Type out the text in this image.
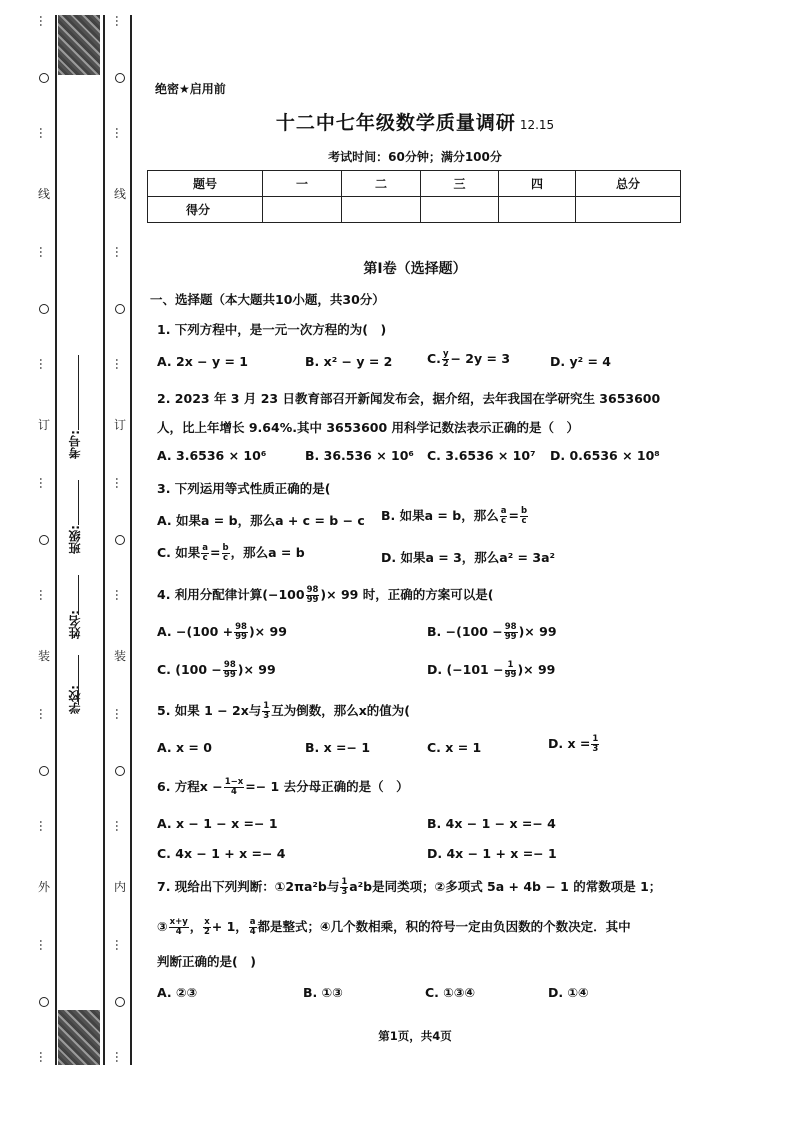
…
…
线
…
…
订
…
…
装
…
…
外
…
…
…
…
线
…
…
订
…
…
装
…
…
内
…
…
学校:
姓名:
班级:
考号:
绝密★启用前
十二中七年级数学质量调研 12.15
考试时间：60分钟；满分100分
题号	一	二	三	四	总分
得分					
第Ⅰ卷（选择题）
一、选择题（本大题共10小题，共30分）
1. 下列方程中，是一元一次方程的为(　)
A. 2x − y = 1	B. x² − y = 2	C. $\frac{y}{2} - 2y = 3$	D. y² = 4
2. 2023 年 3 月 23 日教育部召开新闻发布会，据介绍，去年我国在学研究生 3653600
人，比上年增长 9.64%.其中 3653600 用科学记数法表示正确的是（　）
A. 3.6536 × 10⁶	B. 36.536 × 10⁶ C. 3.6536 × 10⁷ D. 0.6536 × 10⁸
3. 下列运用等式性质正确的是(
A. 如果a = b，那么a + c = b − c B. 如果a = b，那么 $\frac{a}{c} = \frac{b}{c}$
C. 如果 $\frac{a}{c} = \frac{b}{c}$ ，那么a = b	D. 如果a = 3，那么a² = 3a²
4. 利用分配律计算($-100 \frac{98}{99}$ )× 99 时，正确的方案可以是(
A. $-(100 + \frac{98}{99}$ )× 99	B. $-(100 - \frac{98}{99}$ )× 99
C. ($100 - \frac{98}{99}$ )× 99	D. ($-101 - \frac{1}{99}$ )× 99
5. 如果 1 − 2x与 $\frac{1}{3}$ 互为倒数，那么x的值为(
A. x = 0	B. x =− 1	C. x = 1	D. $x = \frac{1}{3}$
6. 方程$x - \frac{1-x}{4} =- 1$ 去分母正确的是（　）
A. x − 1 − x =− 1	B. 4x − 1 − x =− 4
C. 4x − 1 + x =− 4	D. 4x − 1 + x =− 1
7. 现给出下列判断：①2πa²b与 $\frac{1}{3} a^2b$是同类项；②多项式 5a + 4b − 1 的常数项是 1；
③ $\frac{x+y}{4}$ ， $\frac{x}{2} + 1$， $\frac{a}{4}$ 都是整式；④几个数相乘，积的符号一定由负因数的个数决定．其中
判断正确的是(　)
A. ②③	B. ①③	C. ①③④	D. ①④
第1页，共4页
